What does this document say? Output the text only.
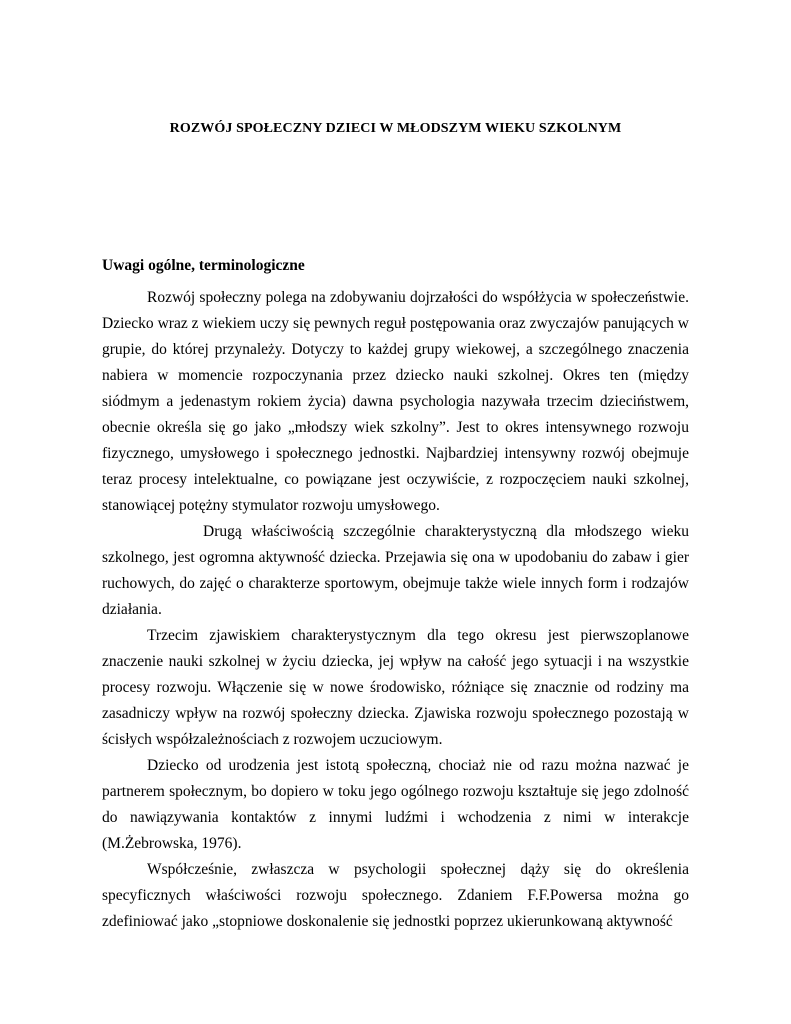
ROZWÓJ SPOŁECZNY DZIECI W MŁODSZYM WIEKU SZKOLNYM
Uwagi ogólne, terminologiczne

Rozwój społeczny polega na zdobywaniu dojrzałości do współżycia w społeczeństwie. Dziecko wraz z wiekiem uczy się pewnych reguł postępowania oraz zwyczajów panujących w grupie, do której przynależy. Dotyczy to każdej grupy wiekowej, a szczególnego znaczenia nabiera w momencie rozpoczynania przez dziecko nauki szkolnej. Okres ten (między siódmym a jedenastym rokiem życia) dawna psychologia nazywała trzecim dzieciństwem, obecnie określa się go jako „młodszy wiek szkolny”. Jest to okres intensywnego rozwoju fizycznego, umysłowego i społecznego jednostki. Najbardziej intensywny rozwój obejmuje teraz procesy intelektualne, co powiązane jest oczywiście, z rozpoczęciem nauki szkolnej, stanowiącej potężny stymulator rozwoju umysłowego.

Drugą właściwością szczególnie charakterystyczną dla młodszego wieku szkolnego, jest ogromna aktywność dziecka. Przejawia się ona w upodobaniu do zabaw i gier ruchowych, do zajęć o charakterze sportowym, obejmuje także wiele innych form i rodzajów działania.

Trzecim zjawiskiem charakterystycznym dla tego okresu jest pierwszoplanowe znaczenie nauki szkolnej w życiu dziecka, jej wpływ na całość jego sytuacji i na wszystkie procesy rozwoju. Włączenie się w nowe środowisko, różniące się znacznie od rodziny ma zasadniczy wpływ na rozwój społeczny dziecka. Zjawiska rozwoju społecznego pozostają w ścisłych współzależnościach z rozwojem uczuciowym.

Dziecko od urodzenia jest istotą społeczną, chociaż nie od razu można nazwać je partnerem społecznym, bo dopiero w toku jego ogólnego rozwoju kształtuje się jego zdolność do nawiązywania kontaktów z innymi ludźmi i wchodzenia z nimi w interakcje (M.Żebrowska, 1976).

Współcześnie, zwłaszcza w psychologii społecznej dąży się do określenia specyficznych właściwości rozwoju społecznego. Zdaniem F.F.Powersa można go zdefiniować jako „stopniowe doskonalenie się jednostki poprzez ukierunkowaną aktywność
